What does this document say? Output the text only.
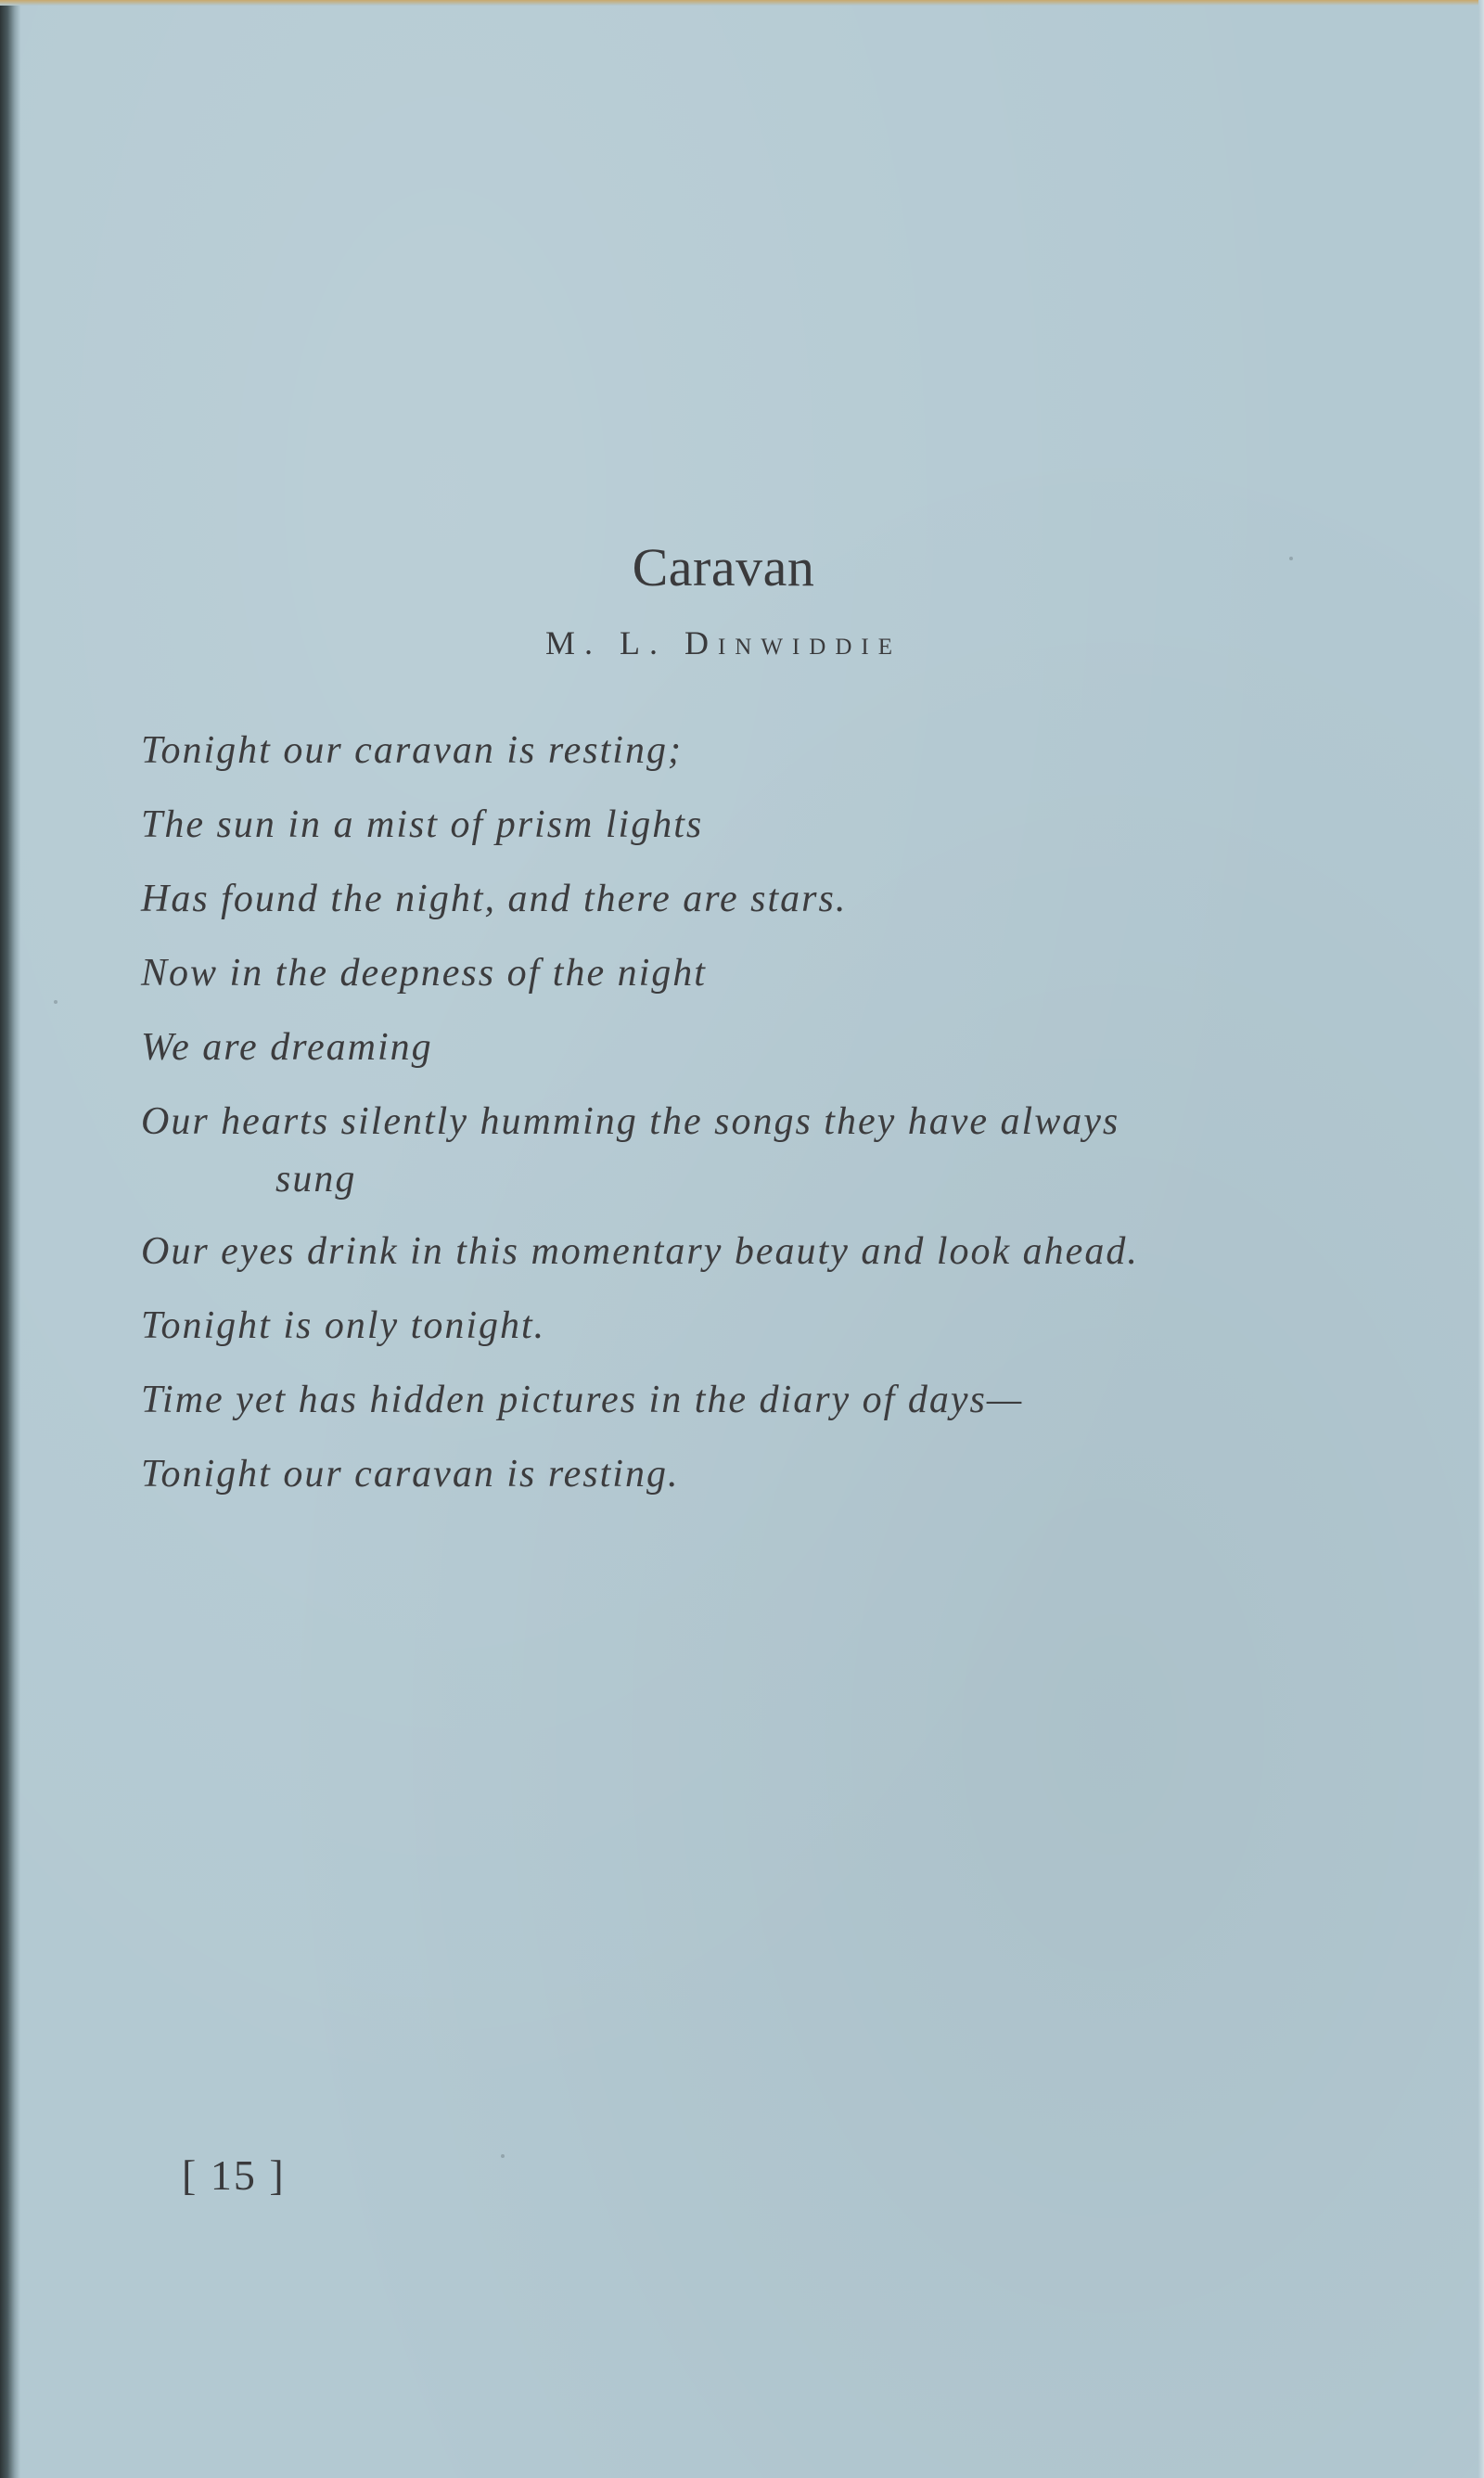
Caravan
M. L. Dinwiddie
Tonight our caravan is resting;
The sun in a mist of prism lights
Has found the night, and there are stars.
Now in the deepness of the night
We are dreaming
Our hearts silently humming the songs they have always
sung
Our eyes drink in this momentary beauty and look ahead.
Tonight is only tonight.
Time yet has hidden pictures in the diary of days—
Tonight our caravan is resting.
[ 15 ]
